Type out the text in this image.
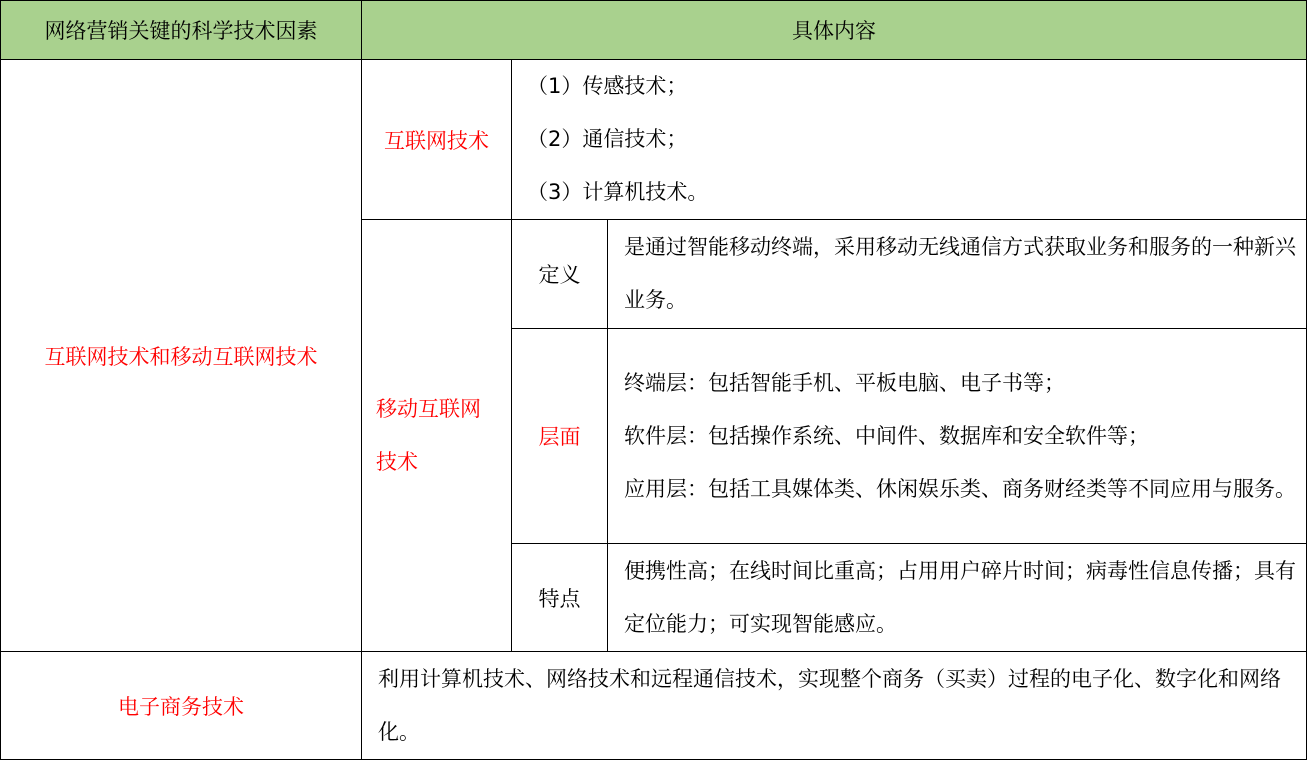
网络营销关键的科学技术因素	具体内容		
互联网技术和移动互联网技术	互联网技术	（1）传感技术；
（2）通信技术；
（3）计算机技术。	

	移动互联网技术	定义	是通过智能移动终端，采用移动无线通信方式获取业务和服务的一种新兴业务。

		层面	终端层：包括智能手机、平板电脑、电子书等；
软件层：包括操作系统、中间件、数据库和安全软件等；
应用层：包括工具媒体类、休闲娱乐类、商务财经类等不同应用与服务。

		特点	便携性高；在线时间比重高；占用用户碎片时间；病毒性信息传播；具有定位能力；可实现智能感应。

电子商务技术	利用计算机技术、网络技术和远程通信技术，实现整个商务（买卖）过程的电子化、数字化和网络化。		
